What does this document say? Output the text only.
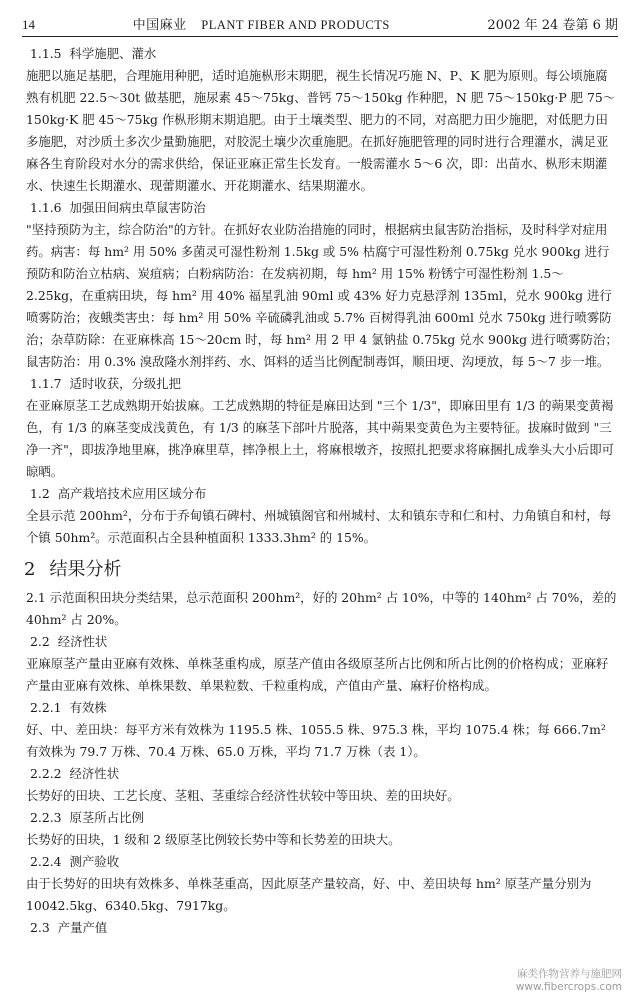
14	中国麻业 PLANT FIBER AND PRODUCTS	2002 年 24 卷第 6 期
1.1.5 科学施肥、灌水

施肥以施足基肥，合理施用种肥，适时追施枞形末期肥，视生长情况巧施 N、P、K 肥为原则。每公顷施腐熟有机肥 22.5～30t 做基肥，施尿素 45～75kg、普钙 75～150kg 作种肥，N 肥 75～150kg·P 肥 75～150kg·K 肥 45～75kg 作枞形期末期追肥。由于土壤类型、肥力的不同，对高肥力田少施肥，对低肥力田多施肥，对沙质土多次少量勤施肥，对胶泥土壤少次重施肥。在抓好施肥管理的同时进行合理灌水，满足亚麻各生育阶段对水分的需求供给，保证亚麻正常生长发育。一般需灌水 5～6 次，即：出苗水、枞形末期灌水、快速生长期灌水、现蕾期灌水、开花期灌水、结果期灌水。

1.1.6 加强田间病虫草鼠害防治

"坚持预防为主，综合防治"的方针。在抓好农业防治措施的同时，根据病虫鼠害防治指标，及时科学对症用药。病害：每 hm² 用 50% 多菌灵可湿性粉剂 1.5kg 或 5% 枯腐宁可湿性粉剂 0.75kg 兑水 900kg 进行预防和防治立枯病、炭疽病；白粉病防治：在发病初期，每 hm² 用 15% 粉锈宁可湿性粉剂 1.5～2.25kg，在重病田块，每 hm² 用 40% 福星乳油 90ml 或 43% 好力克悬浮剂 135ml，兑水 900kg 进行喷雾防治；夜蛾类害虫：每 hm² 用 50% 辛硫磷乳油或 5.7% 百树得乳油 600ml 兑水 750kg 进行喷雾防治；杂草防除：在亚麻株高 15～20cm 时，每 hm² 用 2 甲 4 氯钠盐 0.75kg 兑水 900kg 进行喷雾防治；鼠害防治：用 0.3% 溴敌隆水剂拌药、水、饵料的适当比例配制毒饵，顺田埂、沟埂放，每 5～7 步一堆。

1.1.7 适时收获，分级扎把

在亚麻原茎工艺成熟期开始拔麻。工艺成熟期的特征是麻田达到 "三个 1/3"，即麻田里有 1/3 的蒴果变黄褐色，有 1/3 的麻茎变成浅黄色，有 1/3 的麻茎下部叶片脱落，其中蒴果变黄色为主要特征。拔麻时做到 "三净一齐"，即拔净地里麻，挑净麻里草，摔净根上土，将麻根墩齐，按照扎把要求将麻捆扎成拳头大小后即可晾晒。

1.2 高产栽培技术应用区域分布

全县示范 200hm²，分布于乔甸镇石碑村、州城镇阁官和州城村、太和镇东寺和仁和村、力角镇自和村，每个镇 50hm²。示范面积占全县种植面积 1333.3hm² 的 15%。

2 结果分析

2.1 示范面积田块分类结果，总示范面积 200hm²，好的 20hm² 占 10%，中等的 140hm² 占 70%，差的 40hm² 占 20%。

2.2 经济性状

亚麻原茎产量由亚麻有效株、单株茎重构成，原茎产值由各级原茎所占比例和所占比例的价格构成；亚麻籽产量由亚麻有效株、单株果数、单果粒数、千粒重构成，产值由产量、麻籽价格构成。

2.2.1 有效株

好、中、差田块：每平方米有效株为 1195.5 株、1055.5 株、975.3 株，平均 1075.4 株；每 666.7m² 有效株为 79.7 万株、70.4 万株、65.0 万株，平均 71.7 万株（表 1）。

2.2.2 经济性状

长势好的田块、工艺长度、茎粗、茎重综合经济性状较中等田块、差的田块好。

2.2.3 原茎所占比例

长势好的田块，1 级和 2 级原茎比例较长势中等和长势差的田块大。

2.2.4 测产验收

由于长势好的田块有效株多、单株茎重高，因此原茎产量较高，好、中、差田块每 hm² 原茎产量分别为 10042.5kg、6340.5kg、7917kg。

2.3 产量产值
麻类作物营养与施肥网
www.fibercrops.com
